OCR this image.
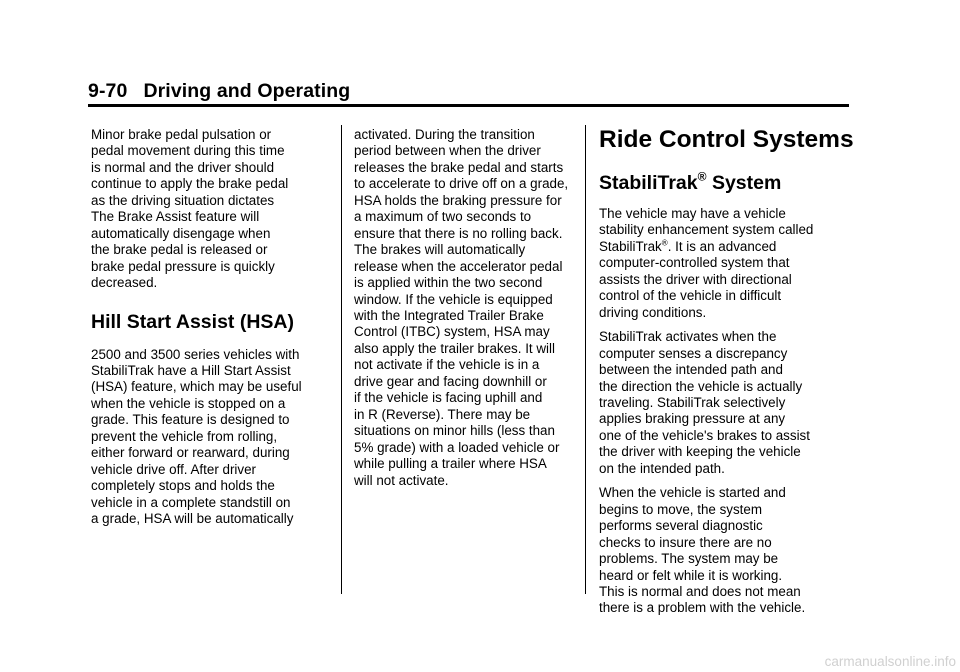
9-70 Driving and Operating

Minor brake pedal pulsation or
pedal movement during this time
is normal and the driver should
continue to apply the brake pedal
as the driving situation dictates
The Brake Assist feature will
automatically disengage when
the brake pedal is released or
brake pedal pressure is quickly
decreased.

Hill Start Assist (HSA)

2500 and 3500 series vehicles with
StabiliTrak have a Hill Start Assist
(HSA) feature, which may be useful
when the vehicle is stopped on a
grade. This feature is designed to
prevent the vehicle from rolling,
either forward or rearward, during
vehicle drive off. After driver
completely stops and holds the
vehicle in a complete standstill on
a grade, HSA will be automatically

activated. During the transition
period between when the driver
releases the brake pedal and starts
to accelerate to drive off on a grade,
HSA holds the braking pressure for
a maximum of two seconds to
ensure that there is no rolling back.
The brakes will automatically
release when the accelerator pedal
is applied within the two second
window. If the vehicle is equipped
with the Integrated Trailer Brake
Control (ITBC) system, HSA may
also apply the trailer brakes. It will
not activate if the vehicle is in a
drive gear and facing downhill or
if the vehicle is facing uphill and
in R (Reverse). There may be
situations on minor hills (less than
5% grade) with a loaded vehicle or
while pulling a trailer where HSA
will not activate.

Ride Control Systems
StabiliTrak® System

The vehicle may have a vehicle
stability enhancement system called
StabiliTrak®. It is an advanced
computer-controlled system that
assists the driver with directional
control of the vehicle in difficult
driving conditions.

StabiliTrak activates when the
computer senses a discrepancy
between the intended path and
the direction the vehicle is actually
traveling. StabiliTrak selectively
applies braking pressure at any
one of the vehicle's brakes to assist
the driver with keeping the vehicle
on the intended path.

When the vehicle is started and
begins to move, the system
performs several diagnostic
checks to insure there are no
problems. The system may be
heard or felt while it is working.
This is normal and does not mean
there is a problem with the vehicle.

carmanualsonline.info
